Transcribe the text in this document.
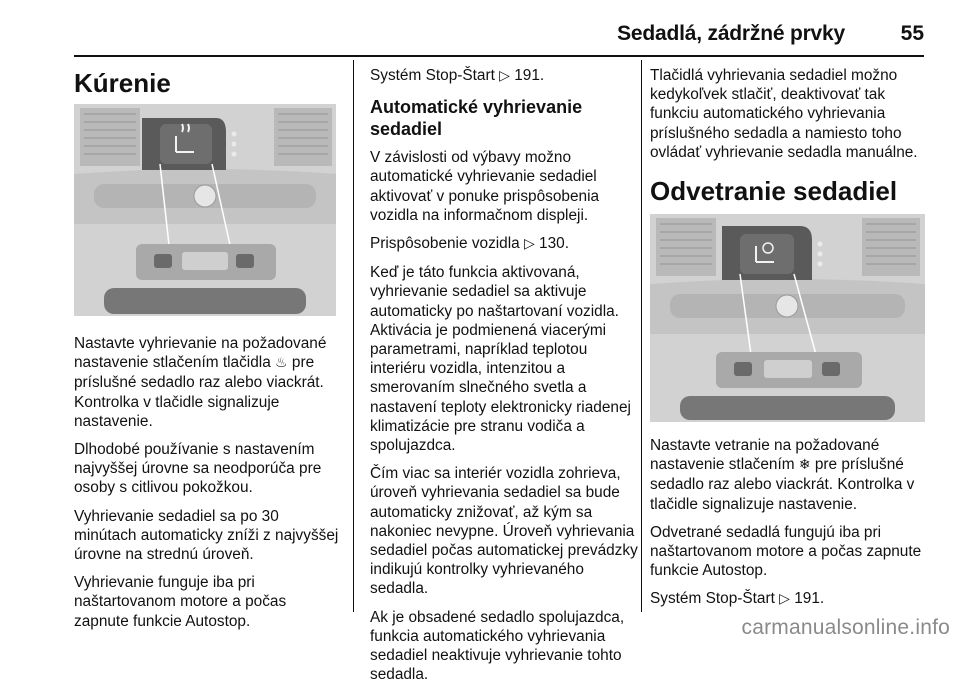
Sedadlá, zádržné prvky	55
Kúrenie

Nastavte vyhrievanie na požadované nastavenie stlačením tlačidla ♨ pre príslušné sedadlo raz alebo viackrát. Kontrolka v tlačidle signalizuje nastavenie.

Dlhodobé používanie s nastavením najvyššej úrovne sa neodporúča pre osoby s citlivou pokožkou.

Vyhrievanie sedadiel sa po 30 minútach automaticky zníži z najvyššej úrovne na strednú úroveň.

Vyhrievanie funguje iba pri naštartovanom motore a počas zapnute funkcie Autostop.

Systém Stop-Štart ▷ 191.

Automatické vyhrievanie sedadiel

V závislosti od výbavy možno automatické vyhrievanie sedadiel aktivovať v ponuke prispôsobenia vozidla na informačnom displeji.

Prispôsobenie vozidla ▷ 130.

Keď je táto funkcia aktivovaná, vyhrievanie sedadiel sa aktivuje automaticky po naštartovaní vozidla. Aktivácia je podmienená viacerými parametrami, napríklad teplotou interiéru vozidla, intenzitou a smerovaním slnečného svetla a nastavení teploty elektronicky riadenej klimatizácie pre stranu vodiča a spolujazdca.

Čím viac sa interiér vozidla zohrieva, úroveň vyhrievania sedadiel sa bude automaticky znižovať, až kým sa nakoniec nevypne. Úroveň vyhrievania sedadiel počas automatickej prevádzky indikujú kontrolky vyhrievaného sedadla.

Ak je obsadené sedadlo spolujazdca, funkcia automatického vyhrievania sedadiel neaktivuje vyhrievanie tohto sedadla.

Tlačidlá vyhrievania sedadiel možno kedykoľvek stlačiť, deaktivovať tak funkciu automatického vyhrievania príslušného sedadla a namiesto toho ovládať vyhrievanie sedadla manuálne.

Odvetranie sedadiel

Nastavte vetranie na požadované nastavenie stlačením ❄ pre príslušné sedadlo raz alebo viackrát. Kontrolka v tlačidle signalizuje nastavenie.

Odvetrané sedadlá fungujú iba pri naštartovanom motore a počas zapnute funkcie Autostop.

Systém Stop-Štart ▷ 191.

carmanualsonline.info
